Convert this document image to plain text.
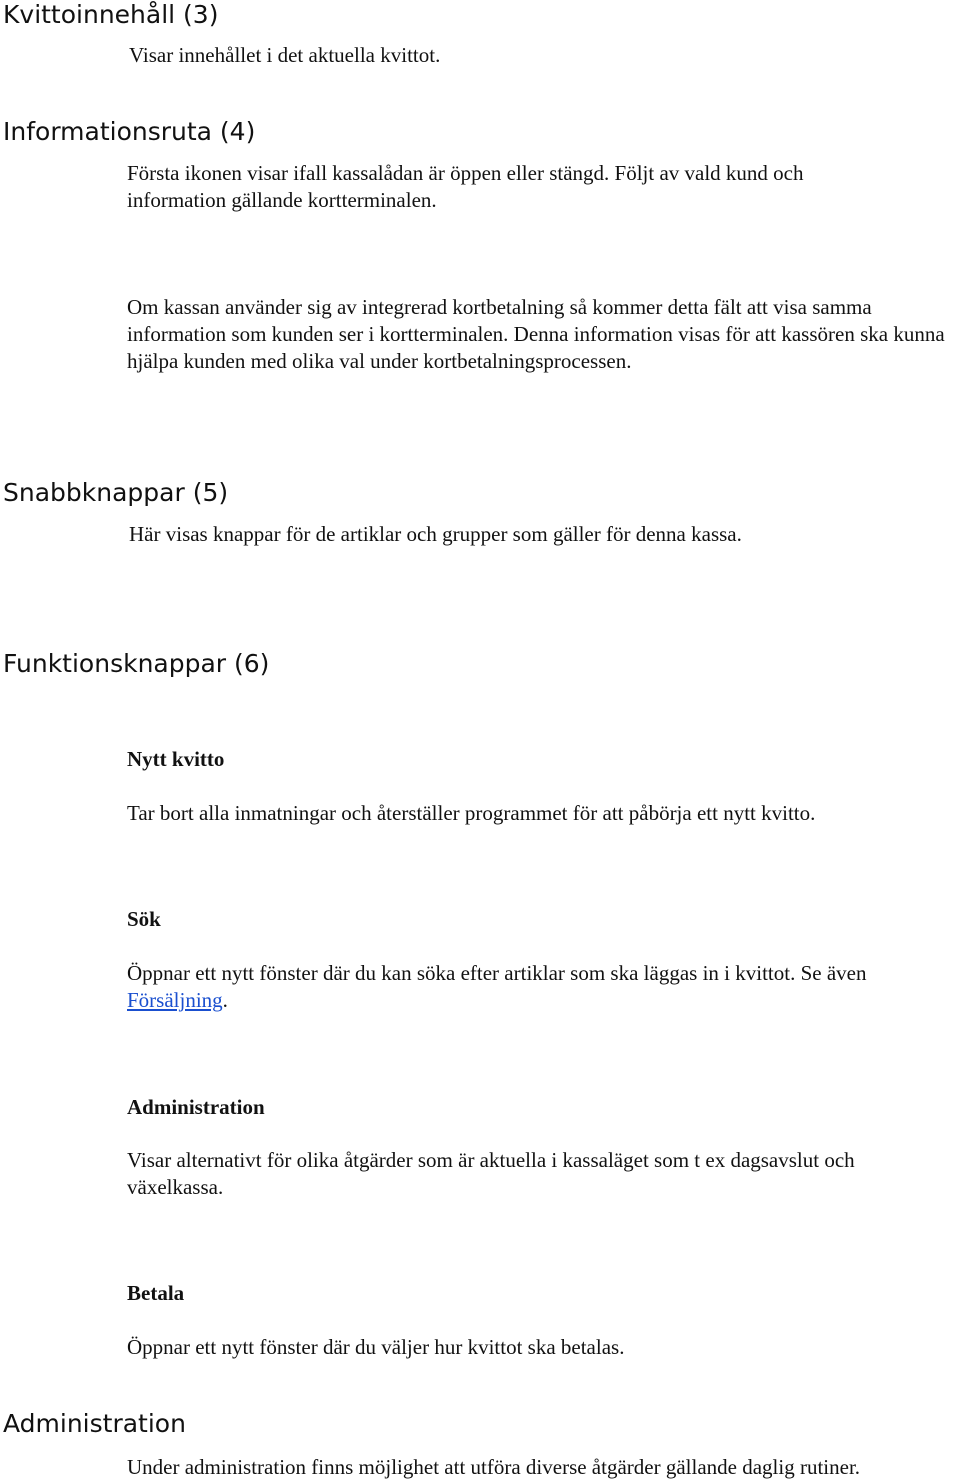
Kvittoinnehåll (3)

Visar innehållet i det aktuella kvittot.

Informationsruta (4)

Första ikonen visar ifall kassalådan är öppen eller stängd. Följt av vald kund och information gällande kortterminalen.

Om kassan använder sig av integrerad kortbetalning så kommer detta fält att visa samma information som kunden ser i kortterminalen. Denna information visas för att kassören ska kunna hjälpa kunden med olika val under kortbetalningsprocessen.

Snabbknappar (5)

Här visas knappar för de artiklar och grupper som gäller för denna kassa.

Funktionsknappar (6)
Nytt kvitto

Tar bort alla inmatningar och återställer programmet för att påbörja ett nytt kvitto.

Sök

Öppnar ett nytt fönster där du kan söka efter artiklar som ska läggas in i kvittot. Se även Försäljning.

Administration

Visar alternativt för olika åtgärder som är aktuella i kassaläget som t ex dagsavslut och växelkassa.

Betala

Öppnar ett nytt fönster där du väljer hur kvittot ska betalas.

Administration

Under administration finns möjlighet att utföra diverse åtgärder gällande daglig rutiner.
